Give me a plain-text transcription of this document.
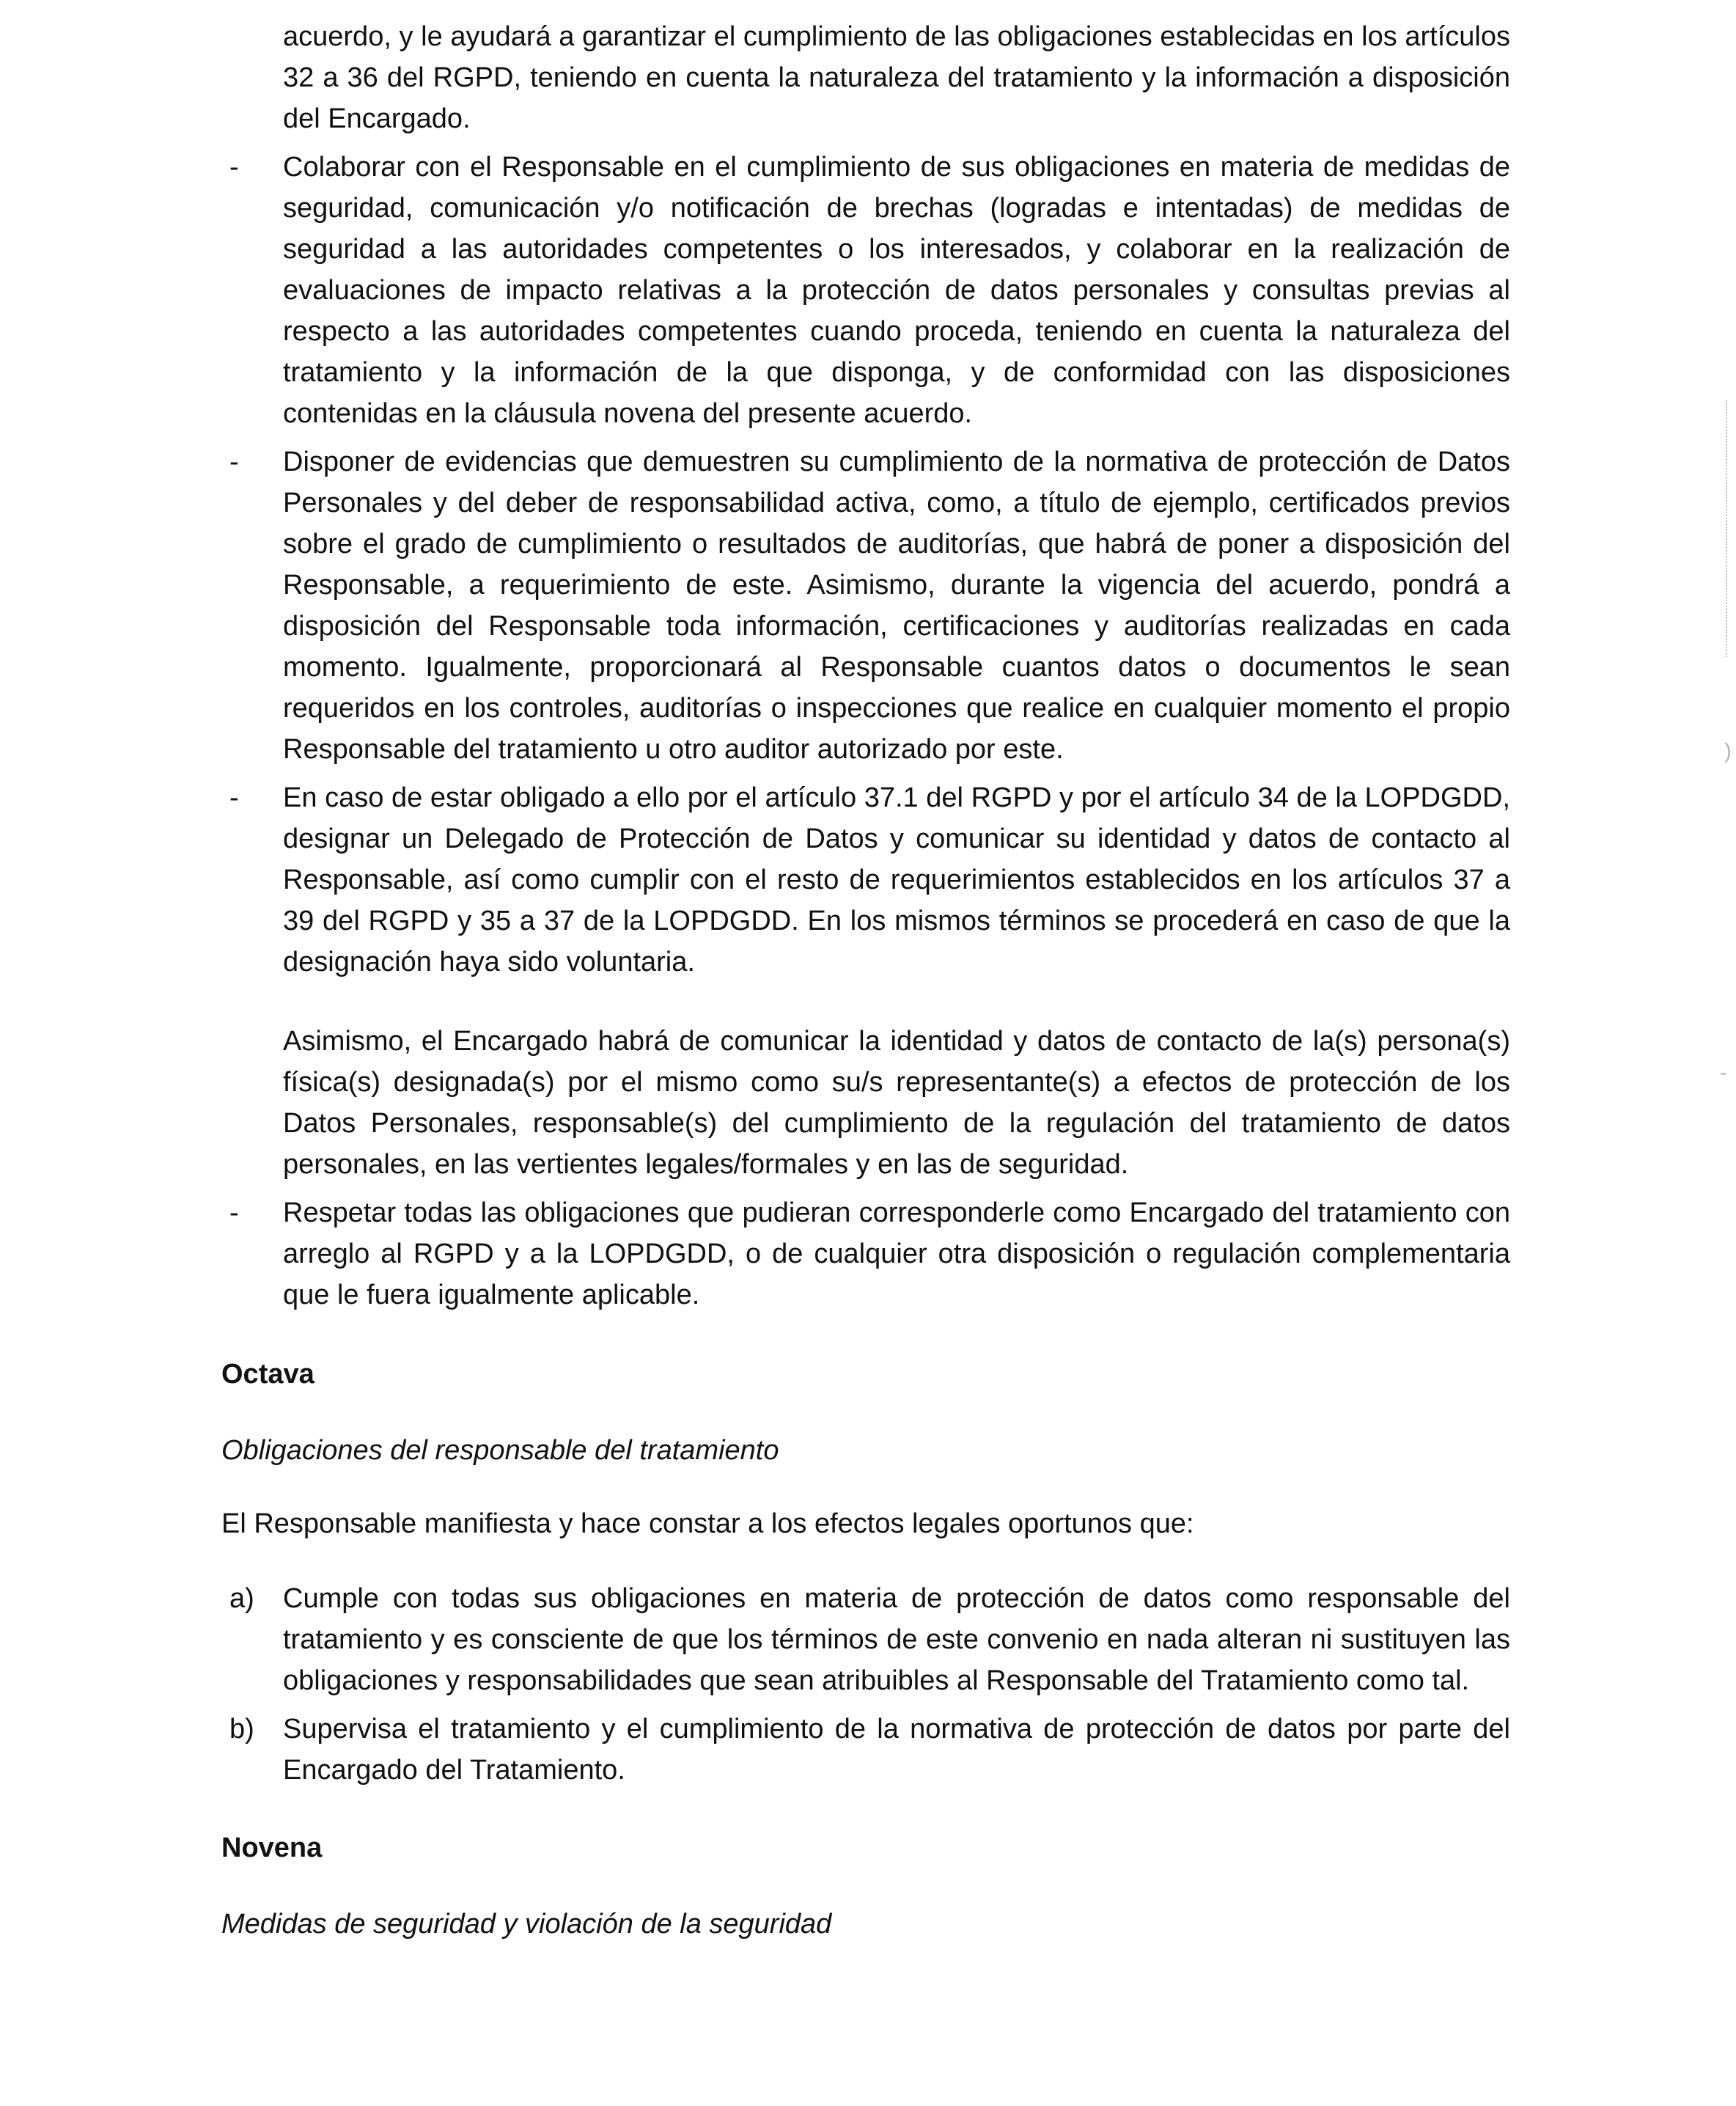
acuerdo, y le ayudará a garantizar el cumplimiento de las obligaciones establecidas en los artículos 32 a 36 del RGPD, teniendo en cuenta la naturaleza del tratamiento y la información a disposición del Encargado.
-	Colaborar con el Responsable en el cumplimiento de sus obligaciones en materia de medidas de seguridad, comunicación y/o notificación de brechas (logradas e intentadas) de medidas de seguridad a las autoridades competentes o los interesados, y colaborar en la realización de evaluaciones de impacto relativas a la protección de datos personales y consultas previas al respecto a las autoridades competentes cuando proceda, teniendo en cuenta la naturaleza del tratamiento y la información de la que disponga, y de conformidad con las disposiciones contenidas en la cláusula novena del presente acuerdo.
-	Disponer de evidencias que demuestren su cumplimiento de la normativa de protección de Datos Personales y del deber de responsabilidad activa, como, a título de ejemplo, certificados previos sobre el grado de cumplimiento o resultados de auditorías, que habrá de poner a disposición del Responsable, a requerimiento de este. Asimismo, durante la vigencia del acuerdo, pondrá a disposición del Responsable toda información, certificaciones y auditorías realizadas en cada momento. Igualmente, proporcionará al Responsable cuantos datos o documentos le sean requeridos en los controles, auditorías o inspecciones que realice en cualquier momento el propio Responsable del tratamiento u otro auditor autorizado por este.
-	En caso de estar obligado a ello por el artículo 37.1 del RGPD y por el artículo 34 de la LOPDGDD, designar un Delegado de Protección de Datos y comunicar su identidad y datos de contacto al Responsable, así como cumplir con el resto de requerimientos establecidos en los artículos 37 a 39 del RGPD y 35 a 37 de la LOPDGDD. En los mismos términos se procederá en caso de que la designación haya sido voluntaria.
Asimismo, el Encargado habrá de comunicar la identidad y datos de contacto de la(s) persona(s) física(s) designada(s) por el mismo como su/s representante(s) a efectos de protección de los Datos Personales, responsable(s) del cumplimiento de la regulación del tratamiento de datos personales, en las vertientes legales/formales y en las de seguridad.
-	Respetar todas las obligaciones que pudieran corresponderle como Encargado del tratamiento con arreglo al RGPD y a la LOPDGDD, o de cualquier otra disposición o regulación complementaria que le fuera igualmente aplicable.
Octava
Obligaciones del responsable del tratamiento
El Responsable manifiesta y hace constar a los efectos legales oportunos que:
a)	Cumple con todas sus obligaciones en materia de protección de datos como responsable del tratamiento y es consciente de que los términos de este convenio en nada alteran ni sustituyen las obligaciones y responsabilidades que sean atribuibles al Responsable del Tratamiento como tal.
b)	Supervisa el tratamiento y el cumplimiento de la normativa de protección de datos por parte del Encargado del Tratamiento.
Novena
Medidas de seguridad y violación de la seguridad
)
-
